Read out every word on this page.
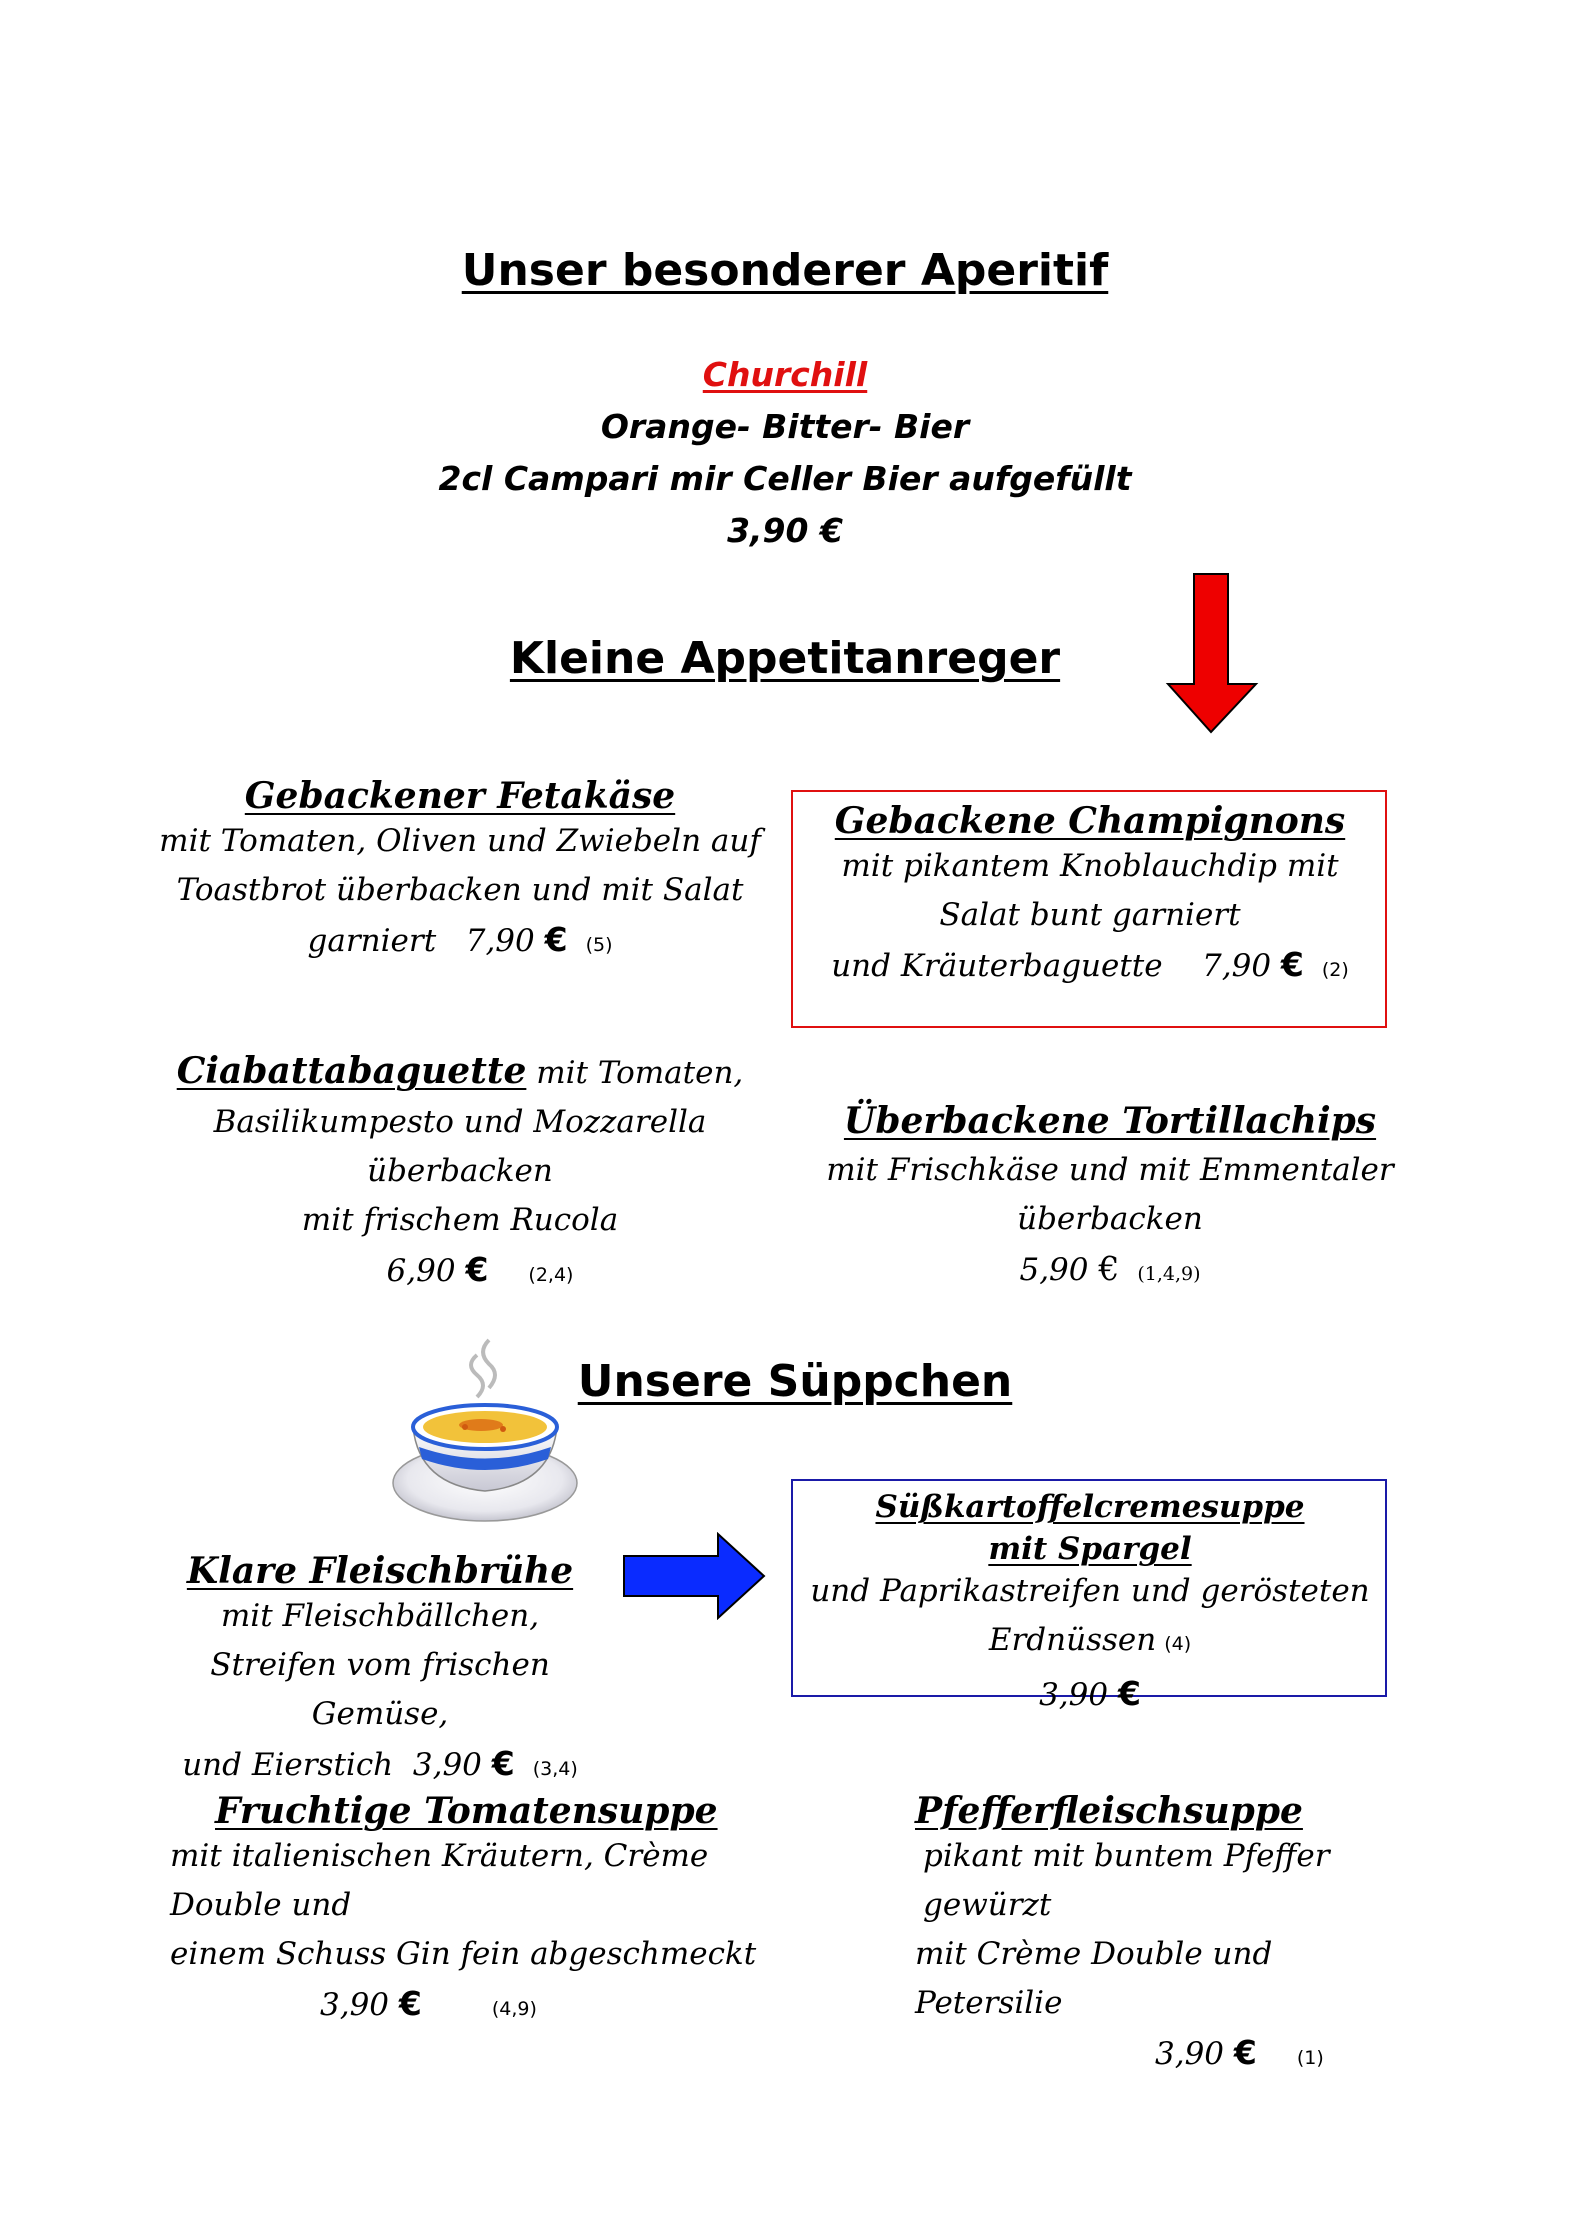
Unser besonderer Aperitif
Churchill
Orange- Bitter- Bier
2cl Campari mir Celler Bier aufgefüllt
3,90 €
Kleine Appetitanreger
Gebackener Fetakäse
mit Tomaten, Oliven und Zwiebeln auf
Toastbrot überbacken und mit Salat
garniert 7,90 € (5)
Gebackene Champignons
mit pikantem Knoblauchdip mit
Salat bunt garniert
und Kräuterbaguette 7,90 € (2)
Ciabattabaguette mit Tomaten,
Basilikumpesto und Mozzarella überbacken
mit frischem Rucola
6,90 € (2,4)
Überbackene Tortillachips
mit Frischkäse und mit Emmentaler
überbacken
5,90 € (1,4,9)
Unsere Süppchen
Klare Fleischbrühe
mit Fleischbällchen,
Streifen vom frischen Gemüse,
und Eierstich 3,90 € (3,4)
Süßkartoffelcremesuppe
mit Spargel
und Paprikastreifen und gerösteten
Erdnüssen (4)
3,90 €
Fruchtige Tomatensuppe
mit italienischen Kräutern, Crème Double und
einem Schuss Gin fein abgeschmeckt
3,90 €	(4,9)
Pfefferfleischsuppe
pikant mit buntem Pfeffer gewürzt
mit Crème Double und Petersilie
3,90 € (1)
